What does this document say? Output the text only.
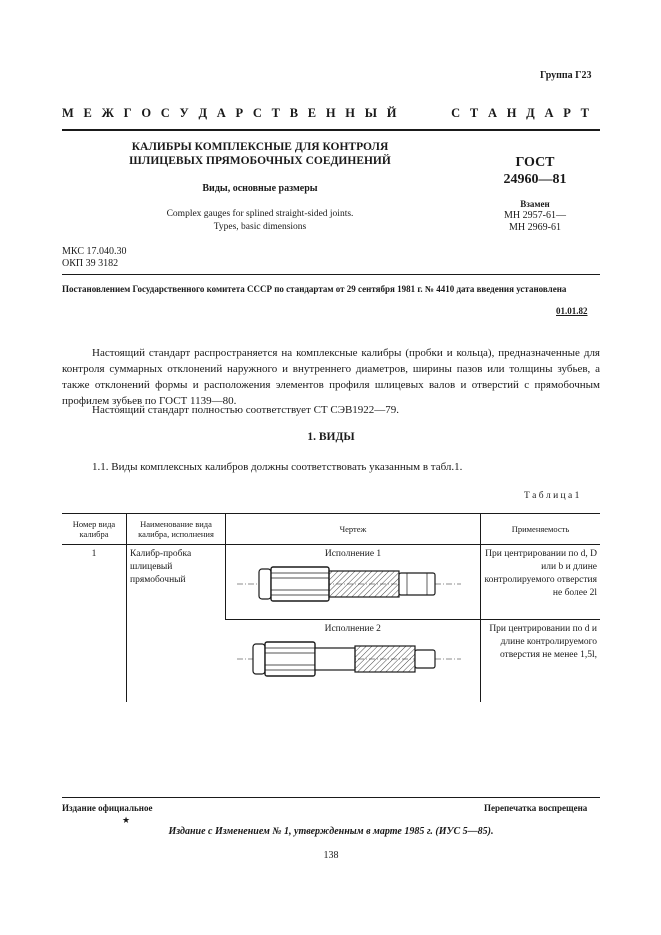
Группа Г23
М Е Ж Г О С У Д А Р С Т В Е Н Н Ы Й        С Т А Н Д А Р Т
КАЛИБРЫ КОМПЛЕКСНЫЕ ДЛЯ КОНТРОЛЯ
ШЛИЦЕВЫХ ПРЯМОБОЧНЫХ СОЕДИНЕНИЙ
Виды, основные размеры
Complex gauges for splined straight-sided joints.
Types, basic dimensions
ГОСТ
24960—81
Взамен
МН 2957-61—
МН 2969-61
МКС 17.040.30
ОКП 39 3182
Постановлением Государственного комитета СССР по стандартам от 29 сентября 1981 г. № 4410 дата введения установлена
01.01.82
Настоящий стандарт распространяется на комплексные калибры (пробки и кольца), предназначенные для контроля суммарных отклонений наружного и внутреннего диаметров, ширины пазов или толщины зубьев, а также отклонений формы и расположения элементов профиля шлицевых валов и отверстий с прямобочным профилем зубьев по ГОСТ 1139—80.
Настоящий стандарт полностью соответствует СТ СЭВ1922—79.
1. ВИДЫ
1.1. Виды комплексных калибров должны соответствовать указанным в табл.1.
Т а б л и ц а 1
Номер вида калибра	Наименование вида калибра, исполнения	Чертеж	Применяемость
1	Калибр-пробка шлицевый прямобочный	Исполнение 1	При центрировании по d, D или b и длине контролируемого отверстия не более 2l

		Исполнение 2	При центрировании по d и длине контролируемого отверстия не менее 1,5l,
Издание официальное	Перепечатка воспрещена
★
Издание с Изменением № 1, утвержденным в марте 1985 г. (ИУС 5—85).
138
